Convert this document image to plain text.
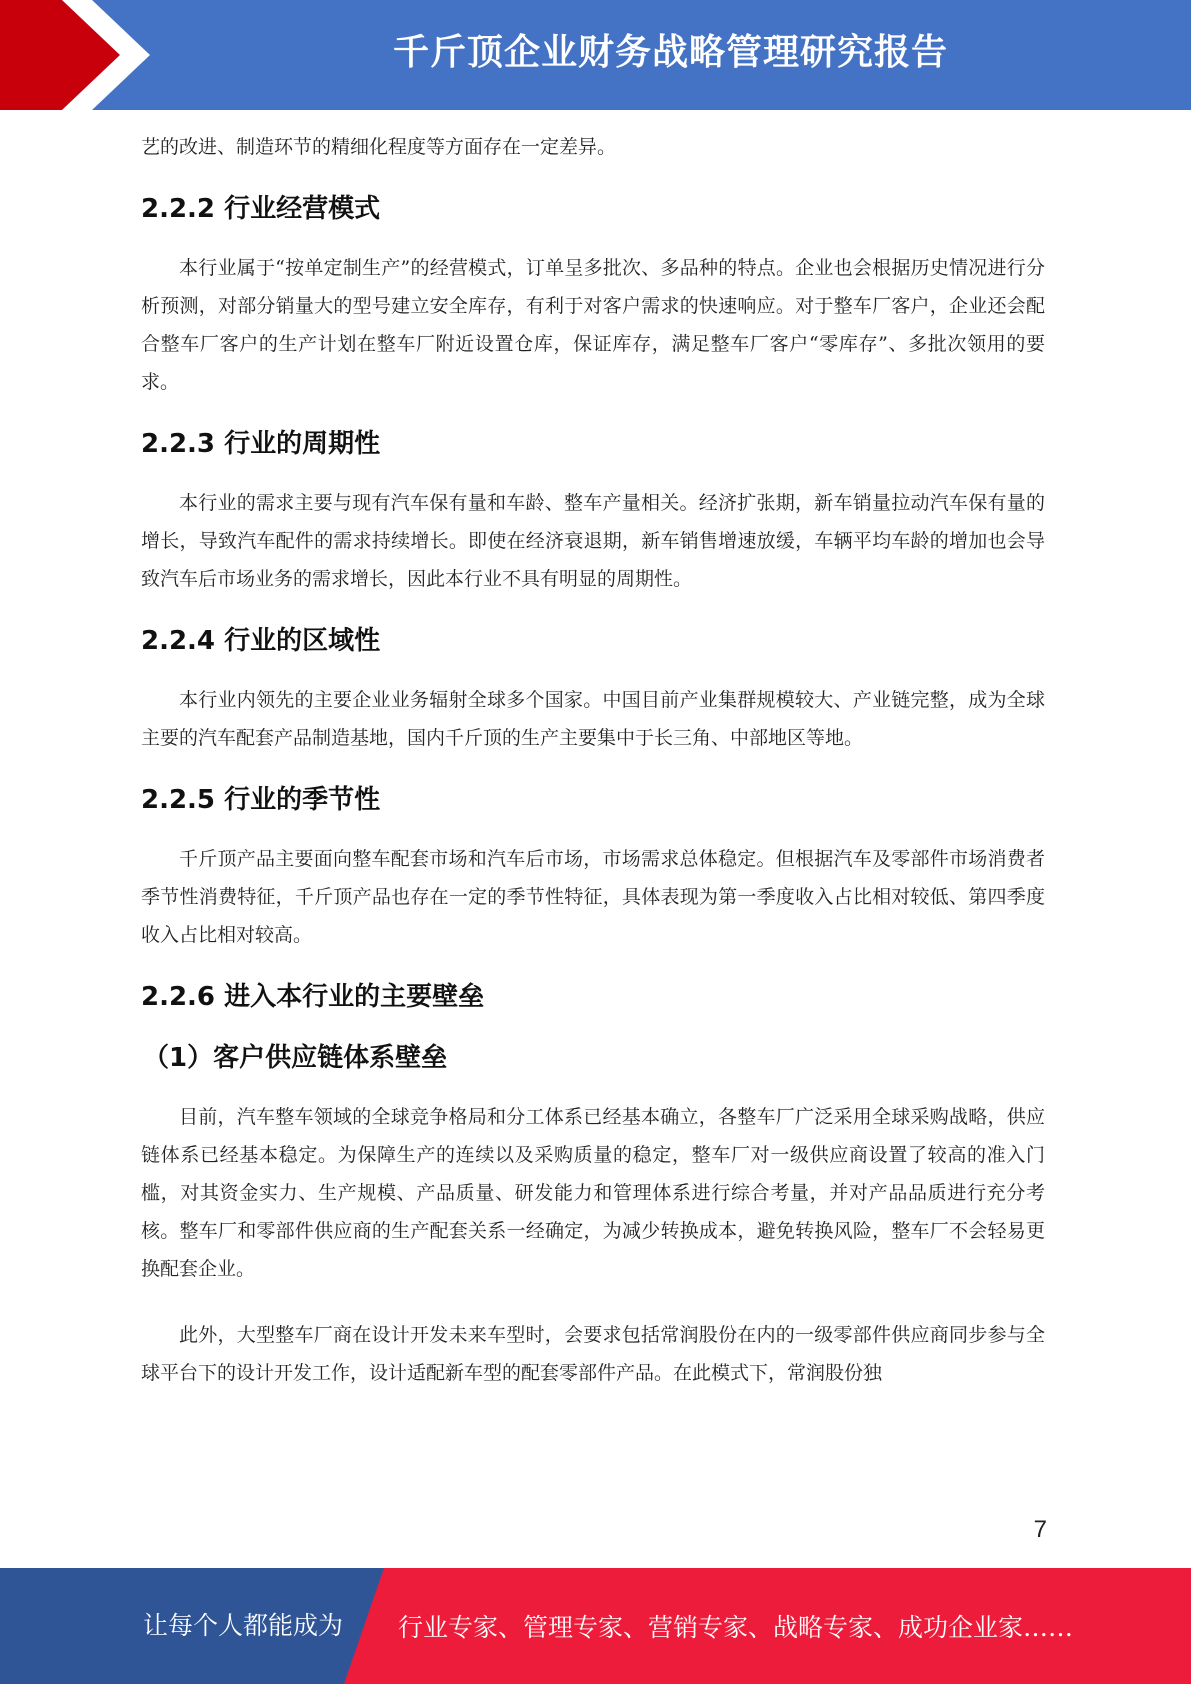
千斤顶企业财务战略管理研究报告

艺的改进、制造环节的精细化程度等方面存在一定差异。

2.2.2 行业经营模式

本行业属于“按单定制生产”的经营模式，订单呈多批次、多品种的特点。企业也会根据历史情况进行分析预测，对部分销量大的型号建立安全库存，有利于对客户需求的快速响应。对于整车厂客户，企业还会配合整车厂客户的生产计划在整车厂附近设置仓库，保证库存，满足整车厂客户“零库存”、多批次领用的要求。

2.2.3 行业的周期性

本行业的需求主要与现有汽车保有量和车龄、整车产量相关。经济扩张期，新车销量拉动汽车保有量的增长，导致汽车配件的需求持续增长。即使在经济衰退期，新车销售增速放缓，车辆平均车龄的增加也会导致汽车后市场业务的需求增长，因此本行业不具有明显的周期性。

2.2.4 行业的区域性

本行业内领先的主要企业业务辐射全球多个国家。中国目前产业集群规模较大、产业链完整，成为全球主要的汽车配套产品制造基地，国内千斤顶的生产主要集中于长三角、中部地区等地。

2.2.5 行业的季节性

千斤顶产品主要面向整车配套市场和汽车后市场，市场需求总体稳定。但根据汽车及零部件市场消费者季节性消费特征，千斤顶产品也存在一定的季节性特征，具体表现为第一季度收入占比相对较低、第四季度收入占比相对较高。

2.2.6 进入本行业的主要壁垒
（1）客户供应链体系壁垒

目前，汽车整车领域的全球竞争格局和分工体系已经基本确立，各整车厂广泛采用全球采购战略，供应链体系已经基本稳定。为保障生产的连续以及采购质量的稳定，整车厂对一级供应商设置了较高的准入门槛，对其资金实力、生产规模、产品质量、研发能力和管理体系进行综合考量，并对产品品质进行充分考核。整车厂和零部件供应商的生产配套关系一经确定，为减少转换成本，避免转换风险，整车厂不会轻易更换配套企业。

此外，大型整车厂商在设计开发未来车型时，会要求包括常润股份在内的一级零部件供应商同步参与全球平台下的设计开发工作，设计适配新车型的配套零部件产品。在此模式下，常润股份独

7
让每个人都能成为 行业专家、管理专家、营销专家、战略专家、成功企业家……
